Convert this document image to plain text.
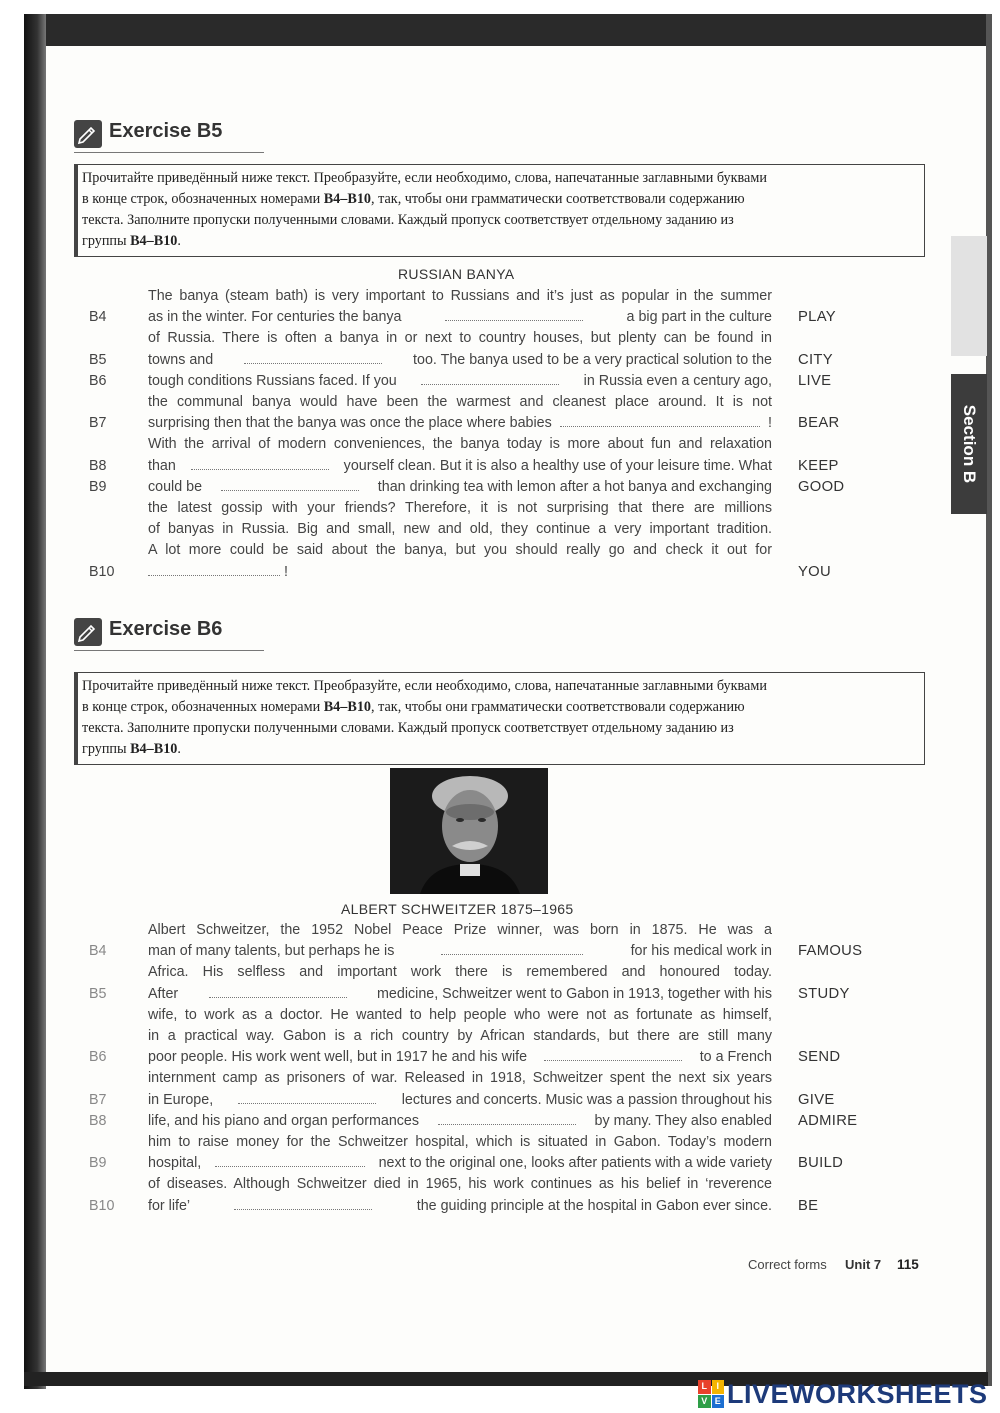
Section B
Exercise B5
Прочитайте приведённый ниже текст. Преобразуйте, если необходимо, слова, напечатанные заглавными буквами
в конце строк, обозначенных номерами B4–B10, так, чтобы они грамматически соответствовали содержанию
текста. Заполните пропуски полученными словами. Каждый пропуск соответствует отдельному заданию из
группы B4–B10.
RUSSIAN BANYA
The banya (steam bath) is very important to Russians and it’s just as popular in the summer
B4	as in the winter. For centuries the banya	a big part in the culture PLAY
of Russia. There is often a banya in or next to country houses, but plenty can be found in
B5	towns and	too. The banya used to be a very practical solution to the CITY
B6	tough conditions Russians faced. If you	in Russia even a century ago, LIVE
the communal banya would have been the warmest and cleanest place around. It is not
B7	surprising then that the banya was once the place where babies	! BEAR
With the arrival of modern conveniences, the banya today is more about fun and relaxation
B8	than	yourself clean. But it is also a healthy use of your leisure time. What KEEP
B9	could be	than drinking tea with lemon after a hot banya and exchanging GOOD
the latest gossip with your friends? Therefore, it is not surprising that there are millions
of banyas in Russia. Big and small, new and old, they continue a very important tradition.
A lot more could be said about the banya, but you should really go and check it out for
B10	!	YOU
Exercise B6
Прочитайте приведённый ниже текст. Преобразуйте, если необходимо, слова, напечатанные заглавными буквами
в конце строк, обозначенных номерами B4–B10, так, чтобы они грамматически соответствовали содержанию
текста. Заполните пропуски полученными словами. Каждый пропуск соответствует отдельному заданию из
группы B4–B10.
ALBERT SCHWEITZER 1875–1965
Albert Schweitzer, the 1952 Nobel Peace Prize winner, was born in 1875. He was a
B4	man of many talents, but perhaps he is	for his medical work in FAMOUS
Africa. His selfless and important work there is remembered and honoured today.
B5	After	medicine, Schweitzer went to Gabon in 1913, together with his STUDY
wife, to work as a doctor. He wanted to help people who were not as fortunate as himself,
in a practical way. Gabon is a rich country by African standards, but there are still many
B6	poor people. His work went well, but in 1917 he and his wife	to a French SEND
internment camp as prisoners of war. Released in 1918, Schweitzer spent the next six years
B7	in Europe,	lectures and concerts. Music was a passion throughout his GIVE
B8	life, and his piano and organ performances	by many. They also enabled ADMIRE
him to raise money for the Schweitzer hospital, which is situated in Gabon. Today’s modern
B9	hospital,	next to the original one, looks after patients with a wide variety BUILD
of diseases. Although Schweitzer died in 1965, his work continues as his belief in ‘reverence
B10 for life’	the guiding principle at the hospital in Gabon ever since. BE
Correct forms Unit 7 115
L	I
V E LIVEWORKSHEETS
